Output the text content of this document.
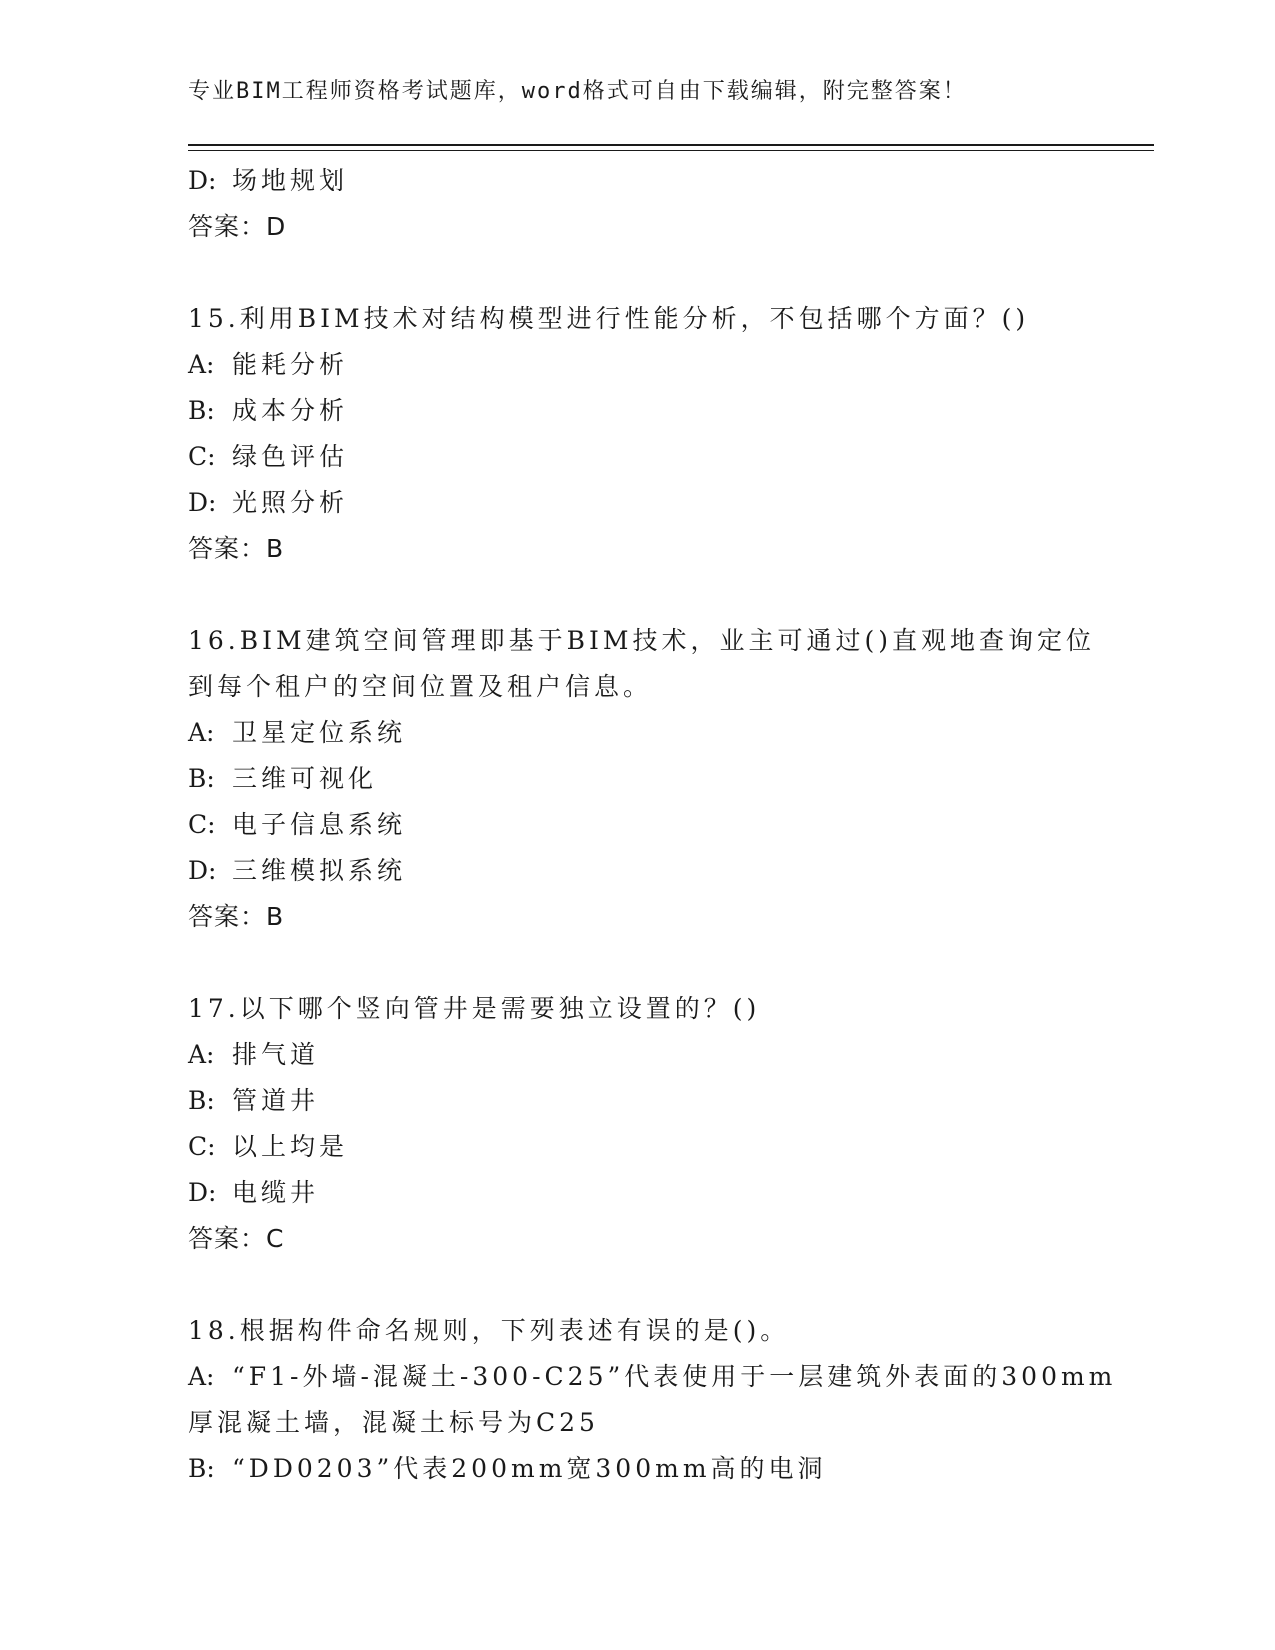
专业BIM工程师资格考试题库，word格式可自由下载编辑，附完整答案！
D: 场地规划
答案：D
15.利用BIM技术对结构模型进行性能分析，不包括哪个方面？()
A: 能耗分析
B: 成本分析
C: 绿色评估
D: 光照分析
答案：B
16.BIM建筑空间管理即基于BIM技术，业主可通过()直观地查询定位
到每个租户的空间位置及租户信息。
A: 卫星定位系统
B: 三维可视化
C: 电子信息系统
D: 三维模拟系统
答案：B
17.以下哪个竖向管井是需要独立设置的？()
A: 排气道
B: 管道井
C: 以上均是
D: 电缆井
答案：C
18.根据构件命名规则，下列表述有误的是()。
A: “F1-外墙-混凝土-300-C25”代表使用于一层建筑外表面的300mm
厚混凝土墙，混凝土标号为C25
B: “DD0203”代表200mm宽300mm高的电洞
